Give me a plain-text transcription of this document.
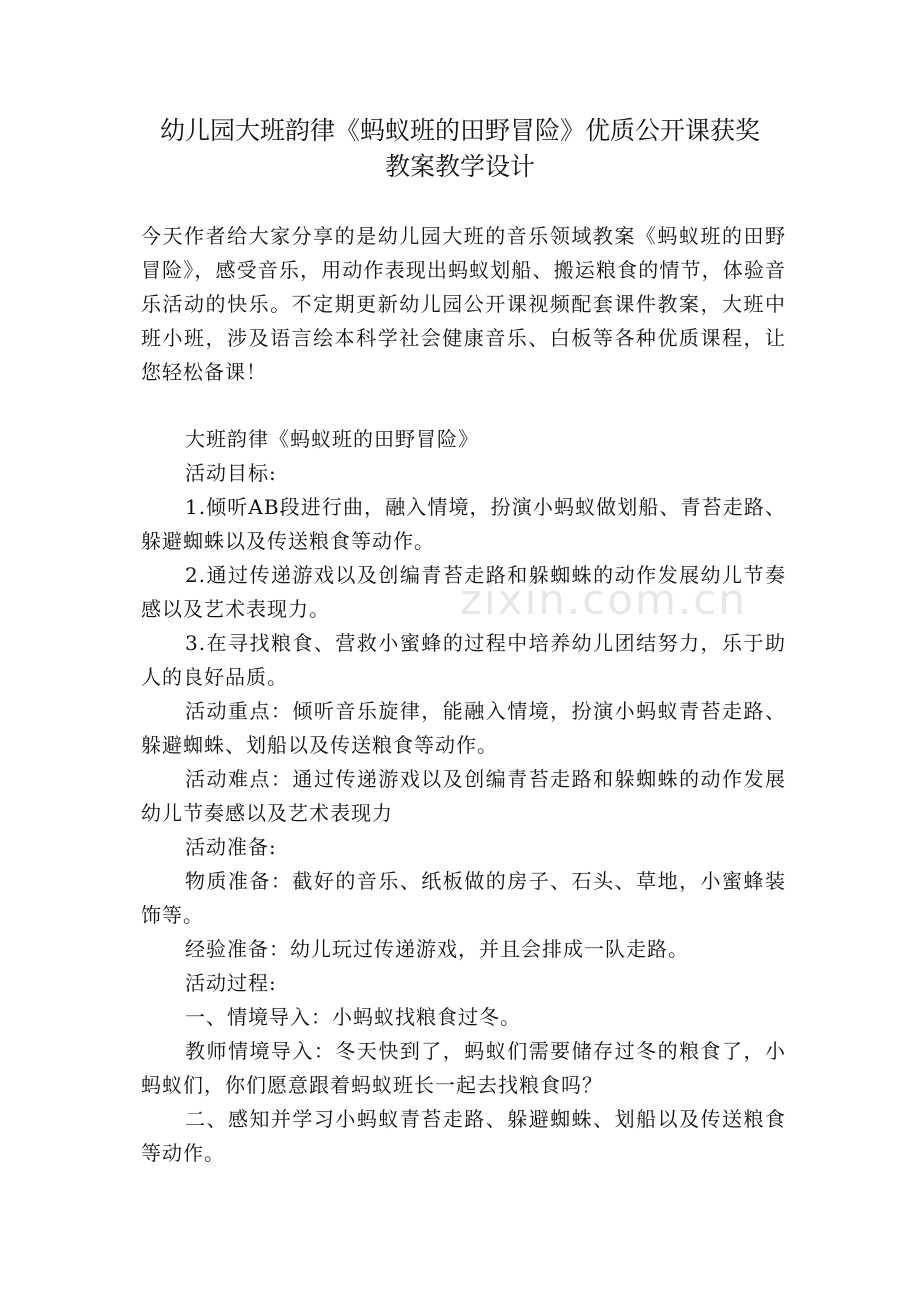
幼儿园大班韵律《蚂蚁班的田野冒险》优质公开课获奖
教案教学设计

今天作者给大家分享的是幼儿园大班的音乐领域教案《蚂蚁班的田野冒险》，感受音乐，用动作表现出蚂蚁划船、搬运粮食的情节，体验音乐活动的快乐。不定期更新幼儿园公开课视频配套课件教案，大班中班小班，涉及语言绘本科学社会健康音乐、白板等各种优质课程，让您轻松备课！

大班韵律《蚂蚁班的田野冒险》

活动目标:

1.倾听AB段进行曲，融入情境，扮演小蚂蚁做划船、青苔走路、躲避蜘蛛以及传送粮食等动作。

2.通过传递游戏以及创编青苔走路和躲蜘蛛的动作发展幼儿节奏感以及艺术表现力。

3.在寻找粮食、营救小蜜蜂的过程中培养幼儿团结努力，乐于助人的良好品质。

活动重点：倾听音乐旋律，能融入情境，扮演小蚂蚁青苔走路、躲避蜘蛛、划船以及传送粮食等动作。

活动难点：通过传递游戏以及创编青苔走路和躲蜘蛛的动作发展幼儿节奏感以及艺术表现力

活动准备:

物质准备：截好的音乐、纸板做的房子、石头、草地，小蜜蜂装饰等。

经验准备：幼儿玩过传递游戏，并且会排成一队走路。

活动过程:

一、情境导入：小蚂蚁找粮食过冬。

教师情境导入：冬天快到了，蚂蚁们需要储存过冬的粮食了，小蚂蚁们，你们愿意跟着蚂蚁班长一起去找粮食吗？

二、感知并学习小蚂蚁青苔走路、躲避蜘蛛、划船以及传送粮食等动作。

zixin.com.cn
